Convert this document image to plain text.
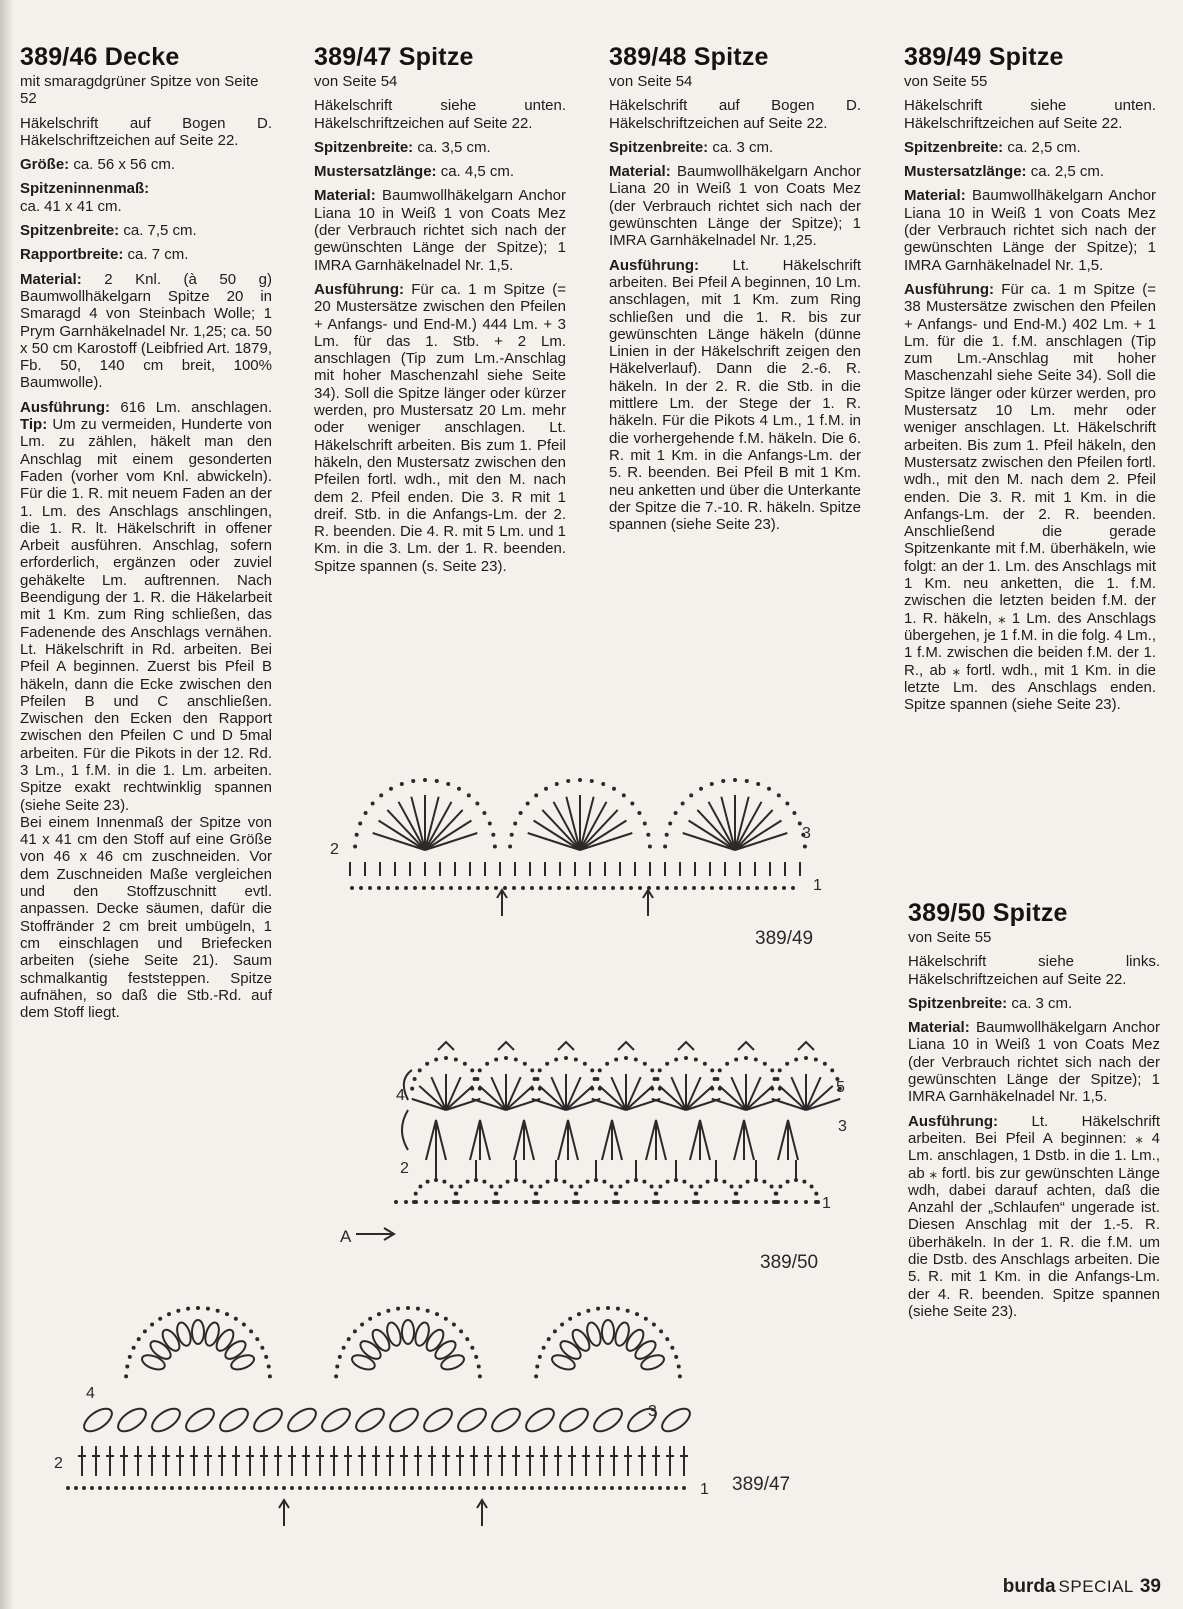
389/46 Decke
mit smaragdgrüner Spitze von Seite 52
Häkelschrift auf Bogen D. Häkelschriftzeichen auf Seite 22.
Größe: ca. 56 x 56 cm.
Spitzeninnenmaß:
ca. 41 x 41 cm.
Spitzenbreite: ca. 7,5 cm.
Rapportbreite: ca. 7 cm.
Material: 2 Knl. (à 50 g) Baumwollhäkelgarn Spitze 20 in Smaragd 4 von Steinbach Wolle; 1 Prym Garnhäkelnadel Nr. 1,25; ca. 50 x 50 cm Karostoff (Leibfried Art. 1879, Fb. 50, 140 cm breit, 100% Baumwolle).
Ausführung: 616 Lm. anschlagen. Tip: Um zu vermeiden, Hunderte von Lm. zu zählen, häkelt man den Anschlag mit einem gesonderten Faden (vorher vom Knl. abwickeln). Für die 1. R. mit neuem Faden an der 1. Lm. des Anschlags anschlingen, die 1. R. lt. Häkelschrift in offener Arbeit ausführen. Anschlag, sofern erforderlich, ergänzen oder zuviel gehäkelte Lm. auftrennen. Nach Beendigung der 1. R. die Häkelarbeit mit 1 Km. zum Ring schließen, das Fadenende des Anschlags vernähen. Lt. Häkelschrift in Rd. arbeiten. Bei Pfeil A beginnen. Zuerst bis Pfeil B häkeln, dann die Ecke zwischen den Pfeilen B und C anschließen. Zwischen den Ecken den Rapport zwischen den Pfeilen C und D 5mal arbeiten. Für die Pikots in der 12. Rd. 3 Lm., 1 f.M. in die 1. Lm. arbeiten. Spitze exakt rechtwinklig spannen (siehe Seite 23).
Bei einem Innenmaß der Spitze von 41 x 41 cm den Stoff auf eine Größe von 46 x 46 cm zuschneiden. Vor dem Zuschneiden Maße vergleichen und den Stoffzuschnitt evtl. anpassen. Decke säumen, dafür die Stoffränder 2 cm breit umbügeln, 1 cm einschlagen und Briefecken arbeiten (siehe Seite 21). Saum schmalkantig feststeppen. Spitze aufnähen, so daß die Stb.-Rd. auf dem Stoff liegt.
389/47 Spitze
von Seite 54
Häkelschrift siehe unten. Häkelschriftzeichen auf Seite 22.
Spitzenbreite: ca. 3,5 cm.
Mustersatzlänge: ca. 4,5 cm.
Material: Baumwollhäkelgarn Anchor Liana 10 in Weiß 1 von Coats Mez (der Verbrauch richtet sich nach der gewünschten Länge der Spitze); 1 IMRA Garnhäkelnadel Nr. 1,5.
Ausführung: Für ca. 1 m Spitze (= 20 Mustersätze zwischen den Pfeilen + Anfangs- und End-M.) 444 Lm. + 3 Lm. für das 1. Stb. + 2 Lm. anschlagen (Tip zum Lm.-Anschlag mit hoher Maschenzahl siehe Seite 34). Soll die Spitze länger oder kürzer werden, pro Mustersatz 20 Lm. mehr oder weniger anschlagen. Lt. Häkelschrift arbeiten. Bis zum 1. Pfeil häkeln, den Mustersatz zwischen den Pfeilen fortl. wdh., mit den M. nach dem 2. Pfeil enden. Die 3. R mit 1 dreif. Stb. in die Anfangs-Lm. der 2. R. beenden. Die 4. R. mit 5 Lm. und 1 Km. in die 3. Lm. der 1. R. beenden. Spitze spannen (s. Seite 23).
389/48 Spitze
von Seite 54
Häkelschrift auf Bogen D. Häkelschriftzeichen auf Seite 22.
Spitzenbreite: ca. 3 cm.
Material: Baumwollhäkelgarn Anchor Liana 20 in Weiß 1 von Coats Mez (der Verbrauch richtet sich nach der gewünschten Länge der Spitze); 1 IMRA Garnhäkelnadel Nr. 1,25.
Ausführung: Lt. Häkelschrift arbeiten. Bei Pfeil A beginnen, 10 Lm. anschlagen, mit 1 Km. zum Ring schließen und die 1. R. bis zur gewünschten Länge häkeln (dünne Linien in der Häkelschrift zeigen den Häkelverlauf). Dann die 2.-6. R. häkeln. In der 2. R. die Stb. in die mittlere Lm. der Stege der 1. R. häkeln. Für die Pikots 4 Lm., 1 f.M. in die vorhergehende f.M. häkeln. Die 6. R. mit 1 Km. in die Anfangs-Lm. der 5. R. beenden. Bei Pfeil B mit 1 Km. neu anketten und über die Unterkante der Spitze die 7.-10. R. häkeln. Spitze spannen (siehe Seite 23).
389/49 Spitze
von Seite 55
Häkelschrift siehe unten. Häkelschriftzeichen auf Seite 22.
Spitzenbreite: ca. 2,5 cm.
Mustersatzlänge: ca. 2,5 cm.
Material: Baumwollhäkelgarn Anchor Liana 10 in Weiß 1 von Coats Mez (der Verbrauch richtet sich nach der gewünschten Länge der Spitze); 1 IMRA Garnhäkelnadel Nr. 1,5.
Ausführung: Für ca. 1 m Spitze (= 38 Mustersätze zwischen den Pfeilen + Anfangs- und End-M.) 402 Lm. + 1 Lm. für die 1. f.M. anschlagen (Tip zum Lm.-Anschlag mit hoher Maschenzahl siehe Seite 34). Soll die Spitze länger oder kürzer werden, pro Mustersatz 10 Lm. mehr oder weniger anschlagen. Lt. Häkelschrift arbeiten. Bis zum 1. Pfeil häkeln, den Mustersatz zwischen den Pfeilen fortl. wdh., mit den M. nach dem 2. Pfeil enden. Die 3. R. mit 1 Km. in die Anfangs-Lm. der 2. R. beenden. Anschließend die gerade Spitzenkante mit f.M. überhäkeln, wie folgt: an der 1. Lm. des Anschlags mit 1 Km. neu anketten, die 1. f.M. zwischen die letzten beiden f.M. der 1. R. häkeln, ⁎ 1 Lm. des Anschlags übergehen, je 1 f.M. in die folg. 4 Lm., 1 f.M. zwischen die beiden f.M. der 1. R., ab ⁎ fortl. wdh., mit 1 Km. in die letzte Lm. des Anschlags enden. Spitze spannen (siehe Seite 23).
389/50 Spitze
von Seite 55
Häkelschrift siehe links. Häkelschriftzeichen auf Seite 22.
Spitzenbreite: ca. 3 cm.
Material: Baumwollhäkelgarn Anchor Liana 10 in Weiß 1 von Coats Mez (der Verbrauch richtet sich nach der gewünschten Länge der Spitze); 1 IMRA Garnhäkelnadel Nr. 1,5.
Ausführung: Lt. Häkelschrift arbeiten. Bei Pfeil A beginnen: ⁎ 4 Lm. anschlagen, 1 Dstb. in die 1. Lm., ab ⁎ fortl. bis zur gewünschten Länge wdh, dabei darauf achten, daß die Anzahl der „Schlaufen“ ungerade ist. Diesen Anschlag mit der 1.-5. R. überhäkeln. In der 1. R. die f.M. um die Dstb. des Anschlags arbeiten. Die 5. R. mit 1 Km. in die Anfangs-Lm. der 4. R. beenden. Spitze spannen (siehe Seite 23).
1
2
3
389/49
1
2
3
4	5
A
389/50
1
2
3
4
389/47
burda SPECIAL 39
